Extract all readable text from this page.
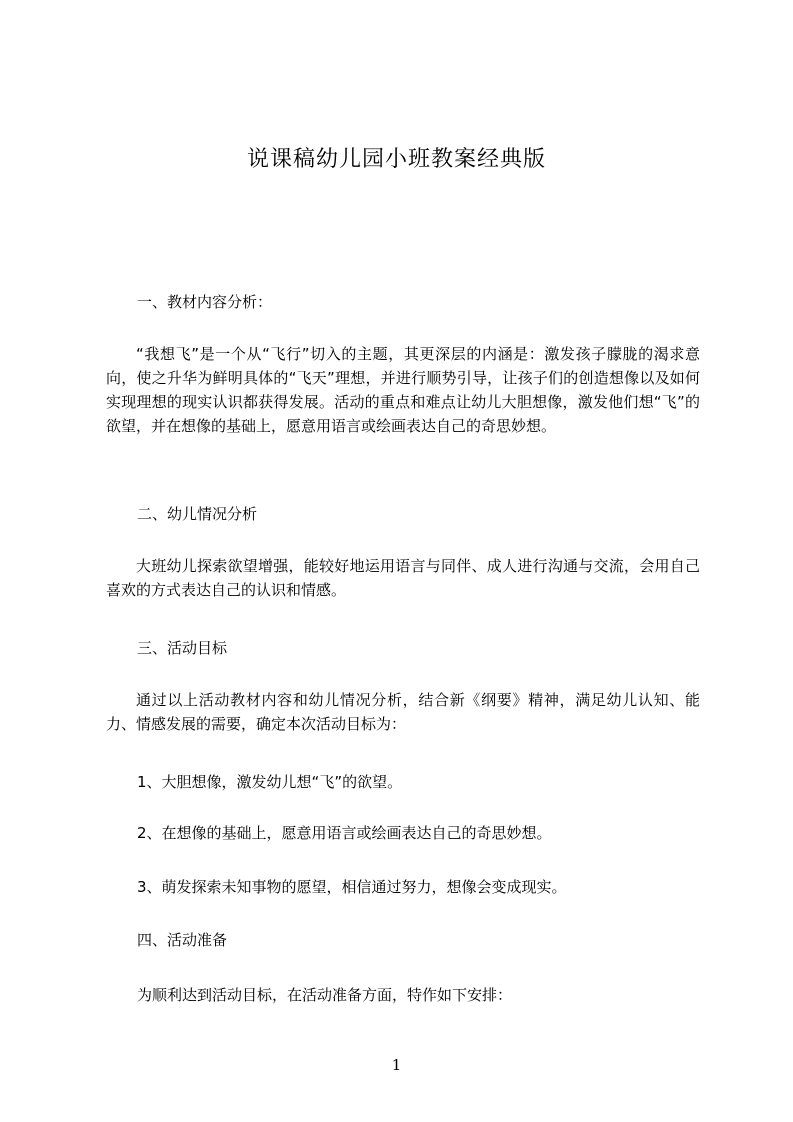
说课稿幼儿园小班教案经典版
一、教材内容分析：
“我想飞”是一个从“飞行”切入的主题，其更深层的内涵是：激发孩子朦胧的渴求意向，使之升华为鲜明具体的“飞天”理想，并进行顺势引导，让孩子们的创造想像以及如何实现理想的现实认识都获得发展。活动的重点和难点让幼儿大胆想像，激发他们想“飞”的欲望，并在想像的基础上，愿意用语言或绘画表达自己的奇思妙想。
二、幼儿情况分析
大班幼儿探索欲望增强，能较好地运用语言与同伴、成人进行沟通与交流，会用自己喜欢的方式表达自己的认识和情感。
三、活动目标
通过以上活动教材内容和幼儿情况分析，结合新《纲要》精神，满足幼儿认知、能力、情感发展的需要，确定本次活动目标为：
1、大胆想像，激发幼儿想“飞”的欲望。
2、在想像的基础上，愿意用语言或绘画表达自己的奇思妙想。
3、萌发探索未知事物的愿望，相信通过努力，想像会变成现实。
四、活动准备
为顺利达到活动目标，在活动准备方面，特作如下安排：
1
